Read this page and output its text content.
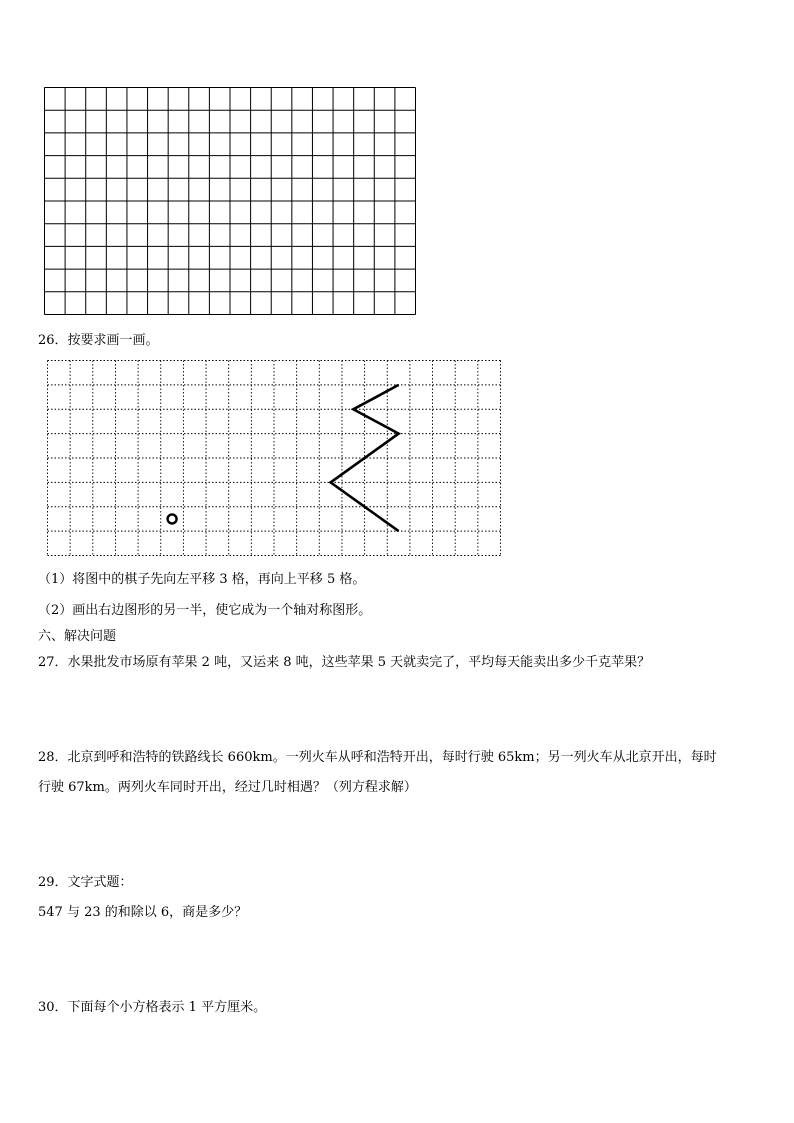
26．按要求画一画。
（1）将图中的棋子先向左平移 3 格，再向上平移 5 格。
（2）画出右边图形的另一半，使它成为一个轴对称图形。
六、解决问题
27．水果批发市场原有苹果 2 吨，又运来 8 吨，这些苹果 5 天就卖完了，平均每天能卖出多少千克苹果？
28．北京到呼和浩特的铁路线长 660km。一列火车从呼和浩特开出，每时行驶 65km；另一列火车从北京开出，每时
行驶 67km。两列火车同时开出，经过几时相遇？（列方程求解）
29．文字式题：
547 与 23 的和除以 6，商是多少？
30．下面每个小方格表示 1 平方厘米。
